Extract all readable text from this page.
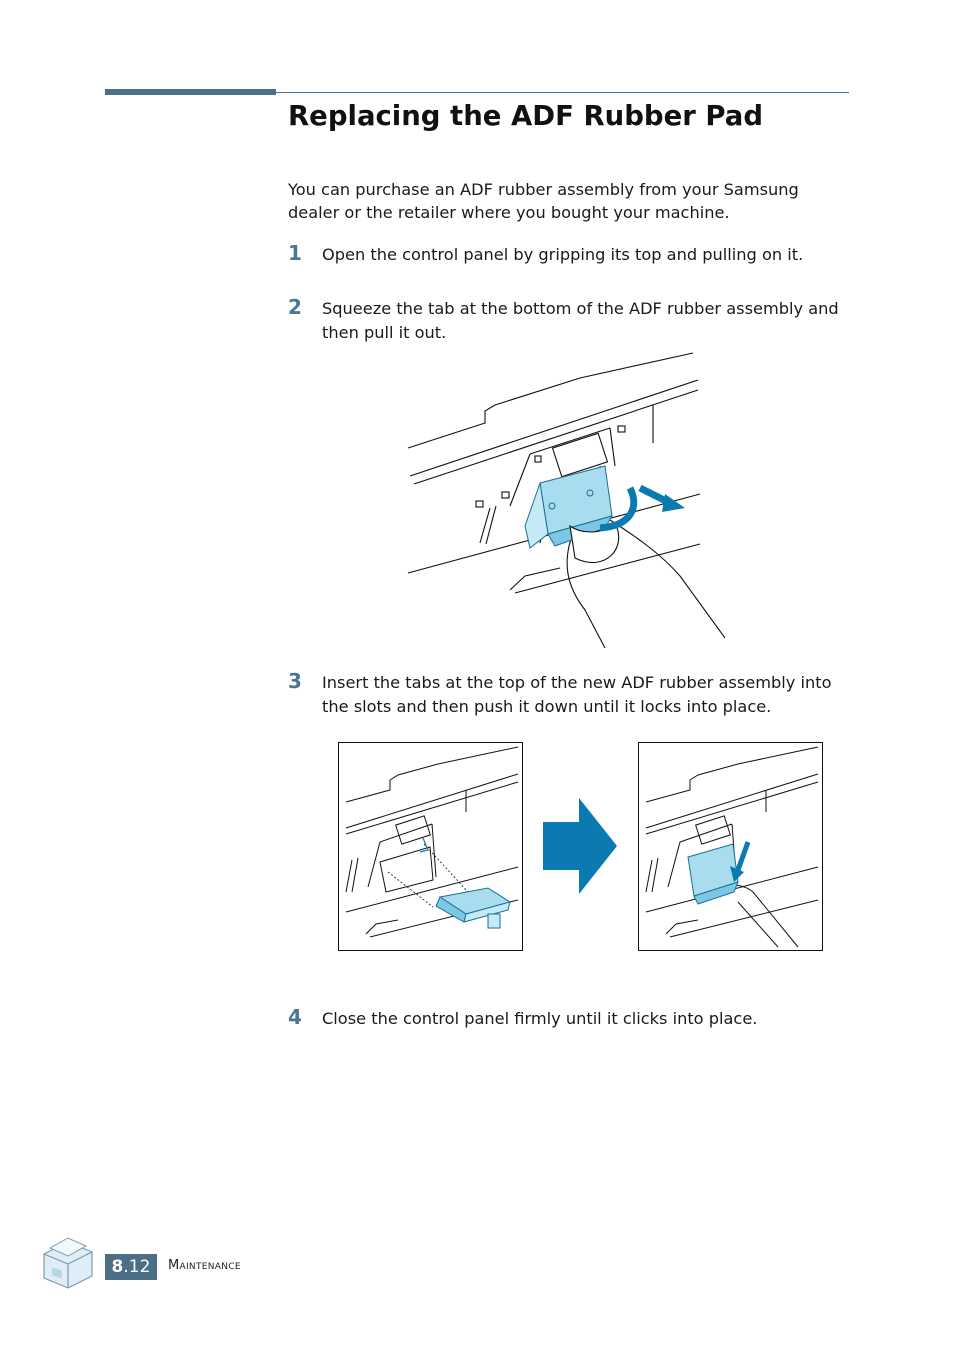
Replacing the ADF Rubber Pad

You can purchase an ADF rubber assembly from your Samsung dealer or the retailer where you bought your machine.

1 Open the control panel by gripping its top and pulling on it.

2 Squeeze the tab at the bottom of the ADF rubber assembly and then pull it out.

3 Insert the tabs at the top of the new ADF rubber assembly into the slots and then push it down until it locks into place.

4 Close the control panel firmly until it clicks into place.

8.12	Maintenance
